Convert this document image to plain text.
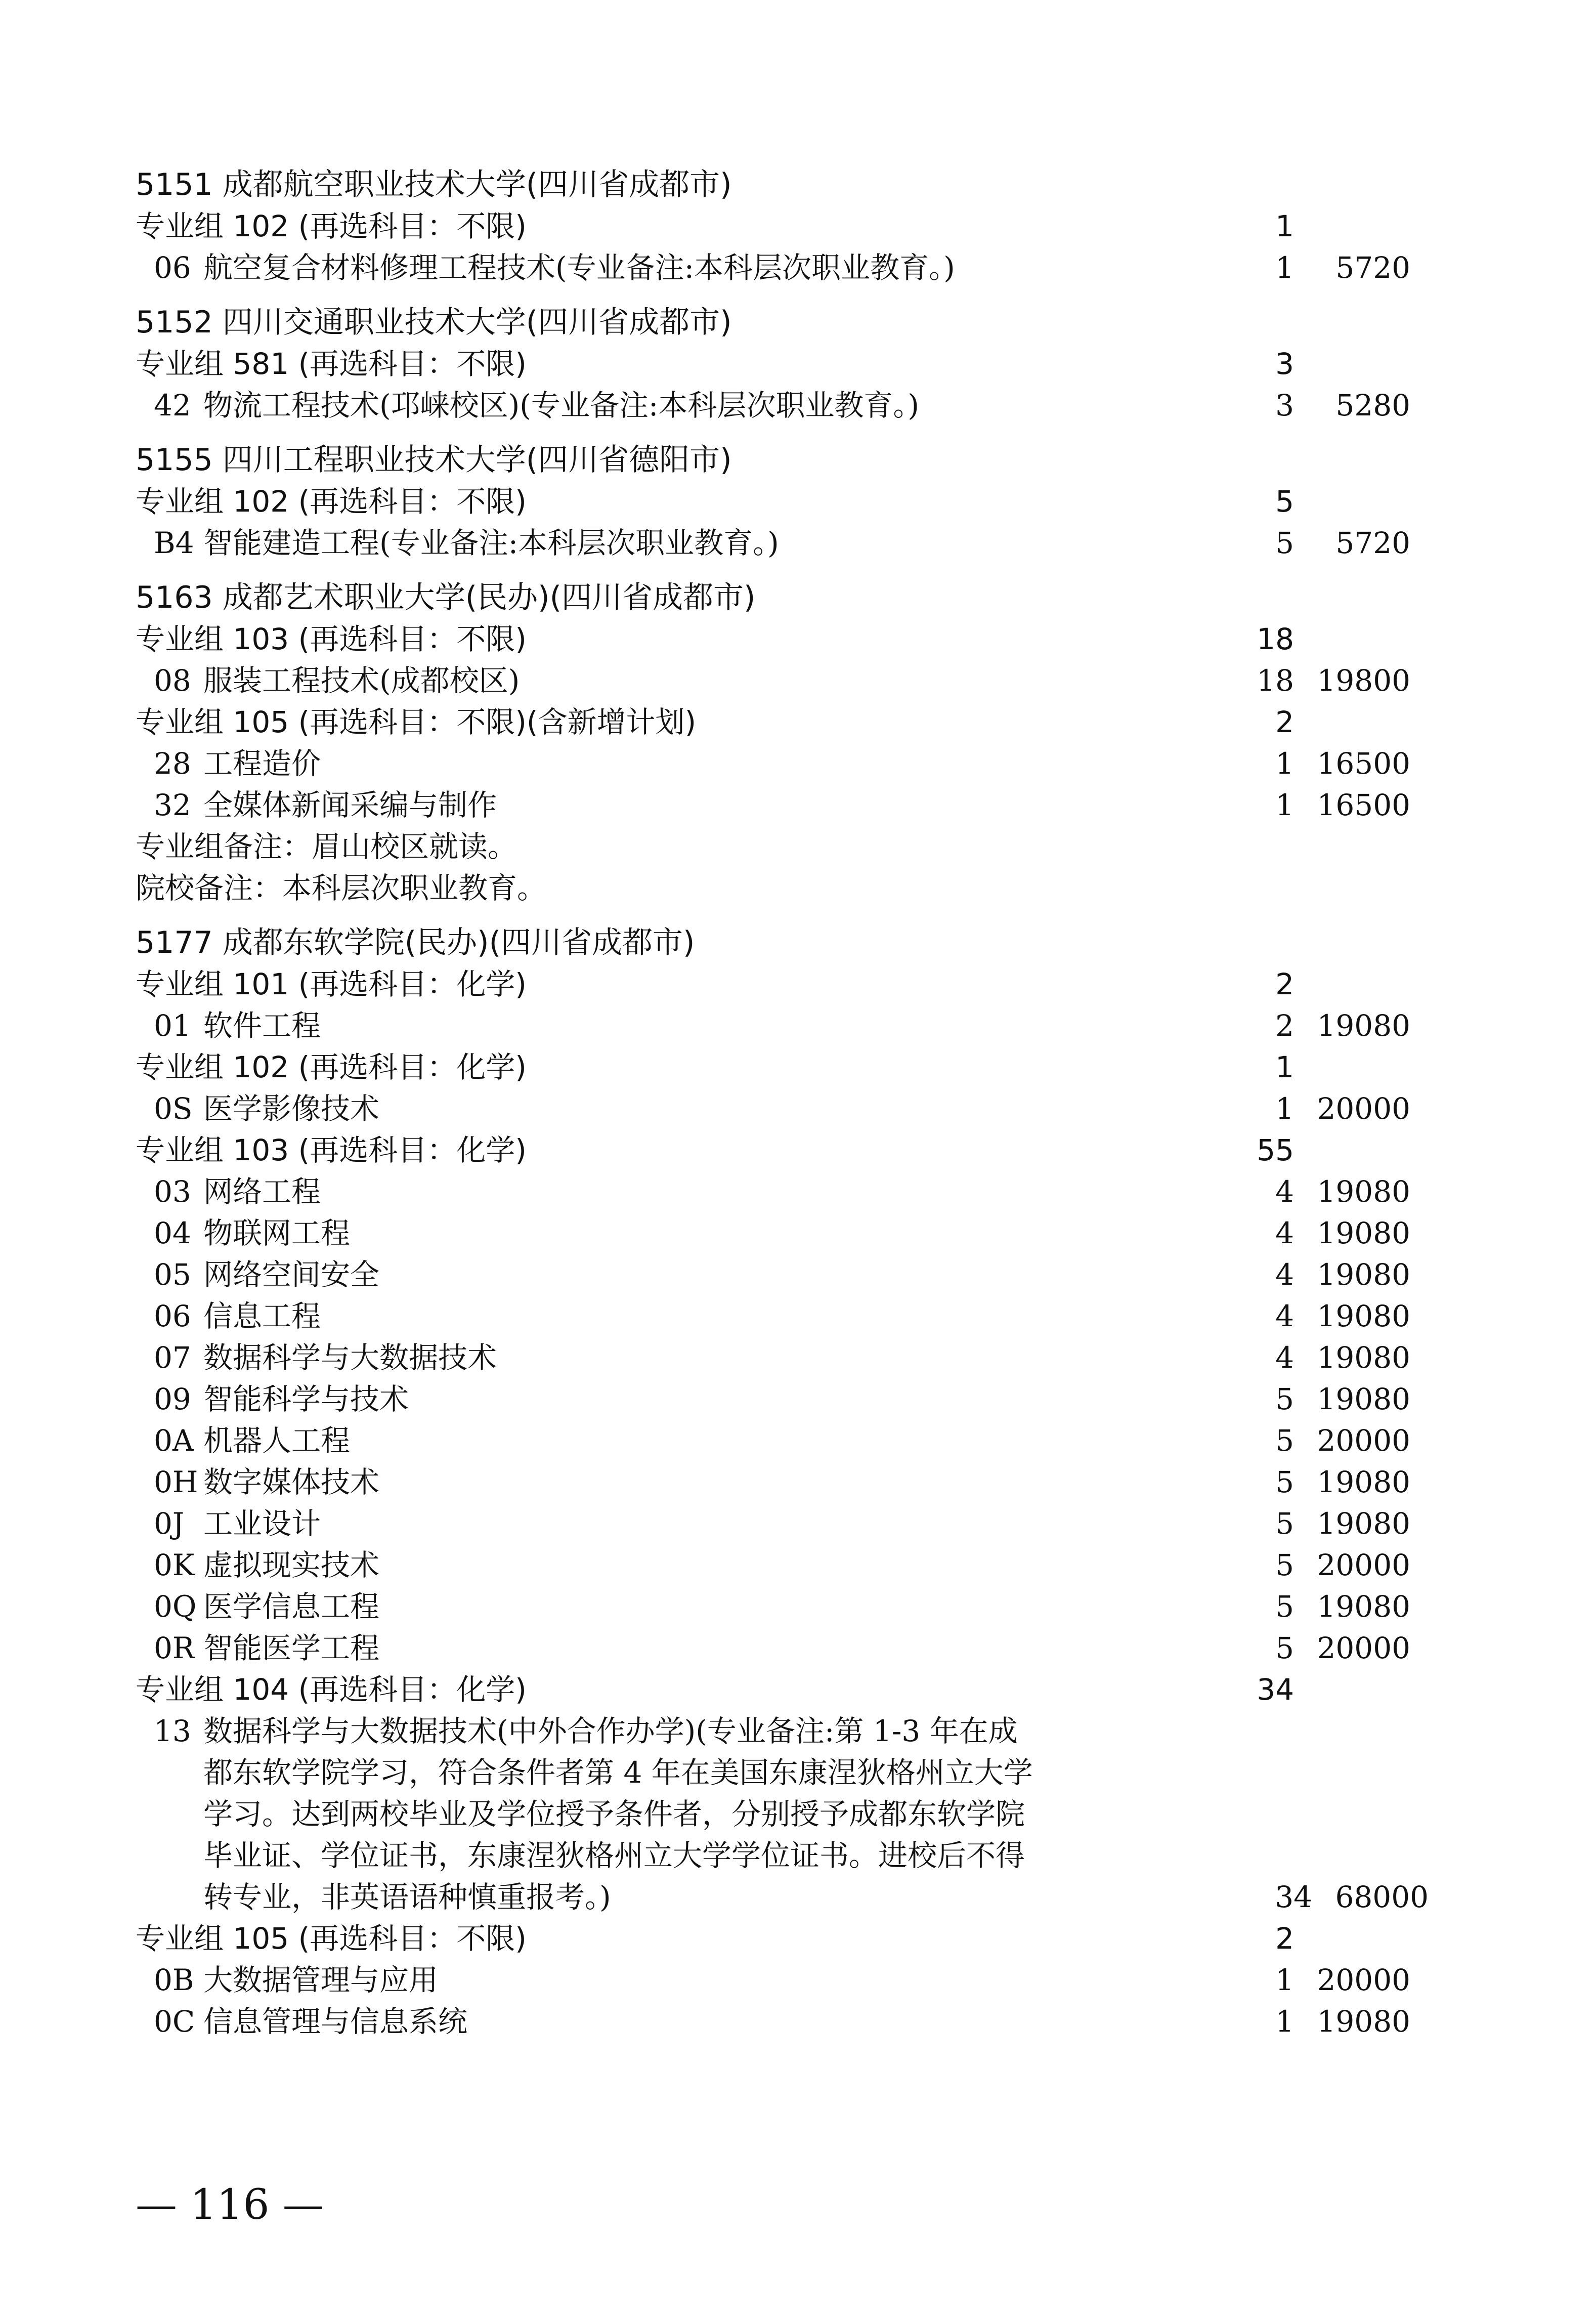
5151 成都航空职业技术大学(四川省成都市)
专业组 102 (再选科目：不限)	1
06 航空复合材料修理工程技术(专业备注:本科层次职业教育。)	1	5720
5152 四川交通职业技术大学(四川省成都市)
专业组 581 (再选科目：不限)	3
42 物流工程技术(邛崃校区)(专业备注:本科层次职业教育。)	3	5280
5155 四川工程职业技术大学(四川省德阳市)
专业组 102 (再选科目：不限)	5
B4 智能建造工程(专业备注:本科层次职业教育。)	5	5720
5163 成都艺术职业大学(民办)(四川省成都市)
专业组 103 (再选科目：不限)	18
08 服装工程技术(成都校区)	18 19800
专业组 105 (再选科目：不限)(含新增计划)	2
28 工程造价	1 16500
32 全媒体新闻采编与制作	1 16500
专业组备注：眉山校区就读。
院校备注：本科层次职业教育。
5177 成都东软学院(民办)(四川省成都市)
专业组 101 (再选科目：化学)	2
01 软件工程	2 19080
专业组 102 (再选科目：化学)	1
0S 医学影像技术	1 20000
专业组 103 (再选科目：化学)	55
03 网络工程	4 19080
04 物联网工程	4 19080
05 网络空间安全	4 19080
06 信息工程	4 19080
07 数据科学与大数据技术	4 19080
09 智能科学与技术	5 19080
0A 机器人工程	5 20000
0H 数字媒体技术	5 19080
0J 工业设计	5 19080
0K 虚拟现实技术	5 20000
0Q 医学信息工程	5 19080
0R 智能医学工程	5 20000
专业组 104 (再选科目：化学)	34
13 数据科学与大数据技术(中外合作办学)(专业备注:第 1-3 年在成
都东软学院学习，符合条件者第 4 年在美国东康涅狄格州立大学
学习。达到两校毕业及学位授予条件者，分别授予成都东软学院
毕业证、学位证书，东康涅狄格州立大学学位证书。进校后不得
转专业，非英语语种慎重报考。)	34 68000
专业组 105 (再选科目：不限)	2
0B 大数据管理与应用	1 20000
0C 信息管理与信息系统	1 19080
— 116 —
